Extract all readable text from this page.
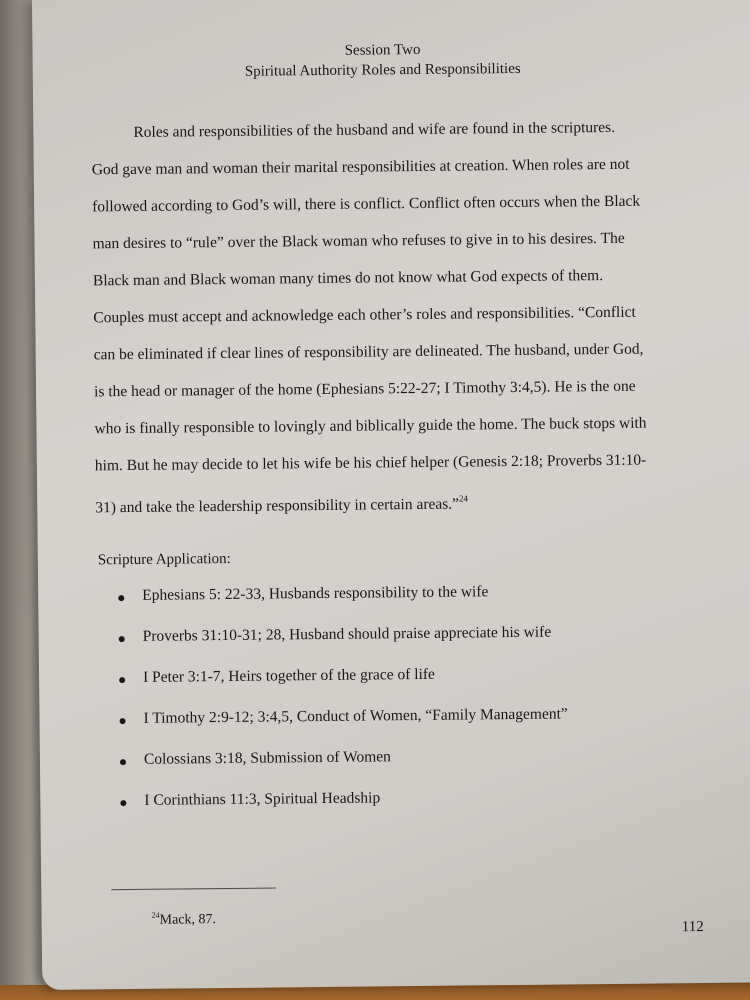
Session Two
Spiritual Authority Roles and Responsibilities
Roles and responsibilities of the husband and wife are found in the scriptures.
God gave man and woman their marital responsibilities at creation. When roles are not
followed according to God’s will, there is conflict. Conflict often occurs when the Black
man desires to “rule” over the Black woman who refuses to give in to his desires. The
Black man and Black woman many times do not know what God expects of them.
Couples must accept and acknowledge each other’s roles and responsibilities. “Conflict
can be eliminated if clear lines of responsibility are delineated. The husband, under God,
is the head or manager of the home (Ephesians 5:22-27; I Timothy 3:4,5). He is the one
who is finally responsible to lovingly and biblically guide the home. The buck stops with
him. But he may decide to let his wife be his chief helper (Genesis 2:18; Proverbs 31:10-
31) and take the leadership responsibility in certain areas.”$^{24}$
Scripture Application:
Ephesians 5: 22-33, Husbands responsibility to the wife
Proverbs 31:10-31; 28, Husband should praise appreciate his wife
I Peter 3:1-7, Heirs together of the grace of life
I Timothy 2:9-12; 3:4,5, Conduct of Women, “Family Management”
Colossians 3:18, Submission of Women
I Corinthians 11:3, Spiritual Headship
$^{24}$Mack, 87.	112
